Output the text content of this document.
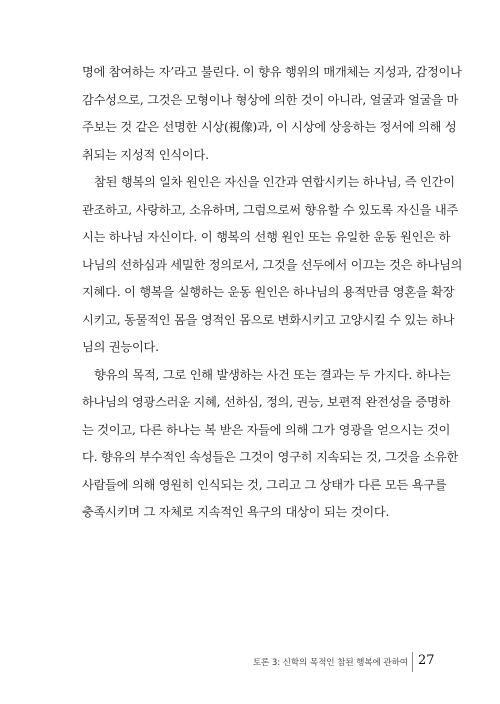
명에 참여하는 자’라고 불린다. 이 향유 행위의 매개체는 지성과, 감정이나
감수성으로, 그것은 모형이나 형상에 의한 것이 아니라, 얼굴과 얼굴을 마
주보는 것 같은 선명한 시상(視像)과, 이 시상에 상응하는 정서에 의해 성
취되는 지성적 인식이다.
참된 행복의 일차 원인은 자신을 인간과 연합시키는 하나님, 즉 인간이
관조하고, 사랑하고, 소유하며, 그럼으로써 향유할 수 있도록 자신을 내주
시는 하나님 자신이다. 이 행복의 선행 원인 또는 유일한 운동 원인은 하
나님의 선하심과 세밀한 정의로서, 그것을 선두에서 이끄는 것은 하나님의
지혜다. 이 행복을 실행하는 운동 원인은 하나님의 용적만큼 영혼을 확장
시키고, 동물적인 몸을 영적인 몸으로 변화시키고 고양시킬 수 있는 하나
님의 권능이다.
향유의 목적, 그로 인해 발생하는 사건 또는 결과는 두 가지다. 하나는
하나님의 영광스러운 지혜, 선하심, 정의, 권능, 보편적 완전성을 증명하
는 것이고, 다른 하나는 복 받은 자들에 의해 그가 영광을 얻으시는 것이
다. 향유의 부수적인 속성들은 그것이 영구히 지속되는 것, 그것을 소유한
사람들에 의해 영원히 인식되는 것, 그리고 그 상태가 다른 모든 욕구를
충족시키며 그 자체로 지속적인 욕구의 대상이 되는 것이다.
토론 3: 신학의 목적인 참된 행복에 관하여 27
